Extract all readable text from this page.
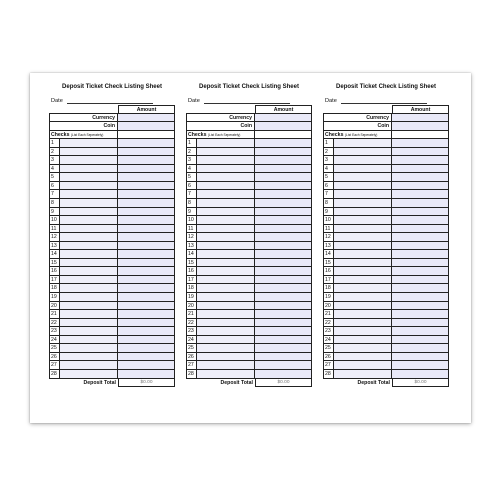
Deposit Ticket Check Listing Sheet
Date
Amount
Currency
Coin
Checks (List Each Seperately)
1
2
3
4
5
6
7
8
9
10
11
12
13
14
15
16
17
18
19
20
21
22
23
24
25
26
27
28
Deposit Total	$0.00
Deposit Ticket Check Listing Sheet
Date
Amount
Currency
Coin
Checks (List Each Seperately)
1
2
3
4
5
6
7
8
9
10
11
12
13
14
15
16
17
18
19
20
21
22
23
24
25
26
27
28
Deposit Total	$0.00
Deposit Ticket Check Listing Sheet
Date
Amount
Currency
Coin
Checks (List Each Seperately)
1
2
3
4
5
6
7
8
9
10
11
12
13
14
15
16
17
18
19
20
21
22
23
24
25
26
27
28
Deposit Total	$0.00
